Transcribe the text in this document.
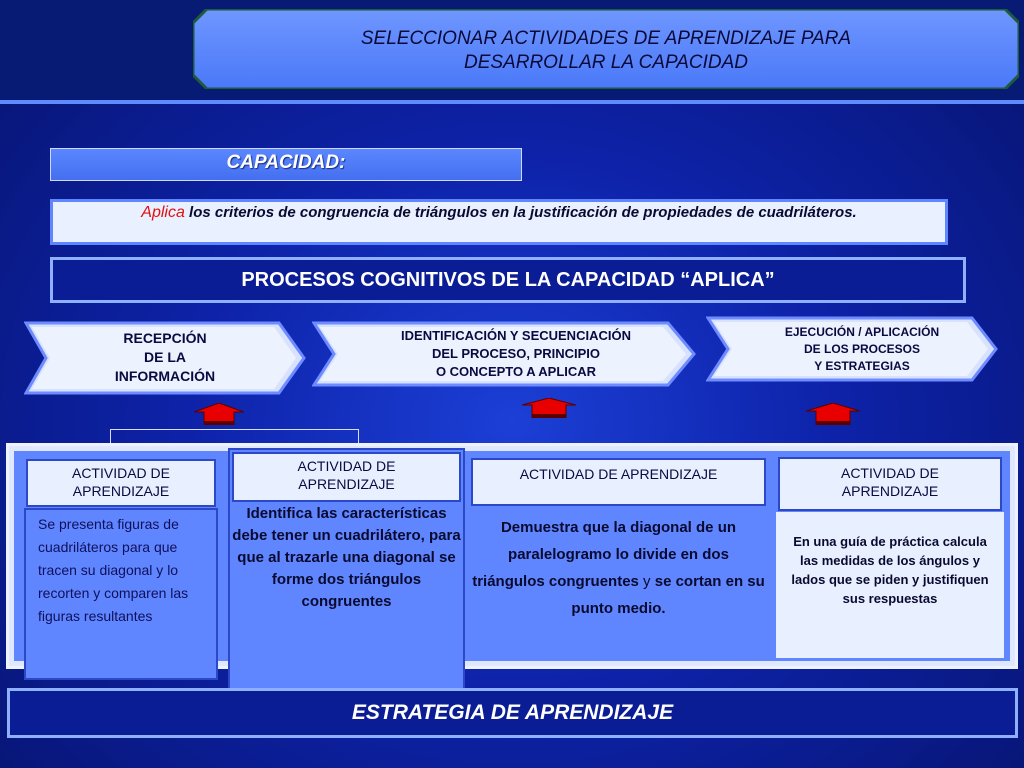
SELECCIONAR ACTIVIDADES DE APRENDIZAJE PARA
DESARROLLAR LA CAPACIDAD
CAPACIDAD:
Aplica los criterios de congruencia de triángulos en la justificación de propiedades de cuadriláteros.
PROCESOS COGNITIVOS DE LA CAPACIDAD “APLICA”
RECEPCIÓN
DE LA
INFORMACIÓN
IDENTIFICACIÓN Y SECUENCIACIÓN
DEL PROCESO, PRINCIPIO
O CONCEPTO A APLICAR
EJECUCIÓN / APLICACIÓN
DE LOS PROCESOS
Y ESTRATEGIAS
ACTIVIDAD DE
APRENDIZAJE
Se presenta figuras de cuadriláteros para que tracen su diagonal y lo recorten y comparen las figuras resultantes
ACTIVIDAD DE
APRENDIZAJE
Identifica las características debe tener un cuadrilátero, para que al trazarle una diagonal se forme dos triángulos congruentes
ACTIVIDAD DE APRENDIZAJE
Demuestra que la diagonal de un paralelogramo lo divide en dos triángulos congruentes y se cortan en su punto medio.
ACTIVIDAD DE
APRENDIZAJE
En una guía de práctica calcula las medidas de los ángulos y lados que se piden y justifiquen sus respuestas
ESTRATEGIA DE APRENDIZAJE
